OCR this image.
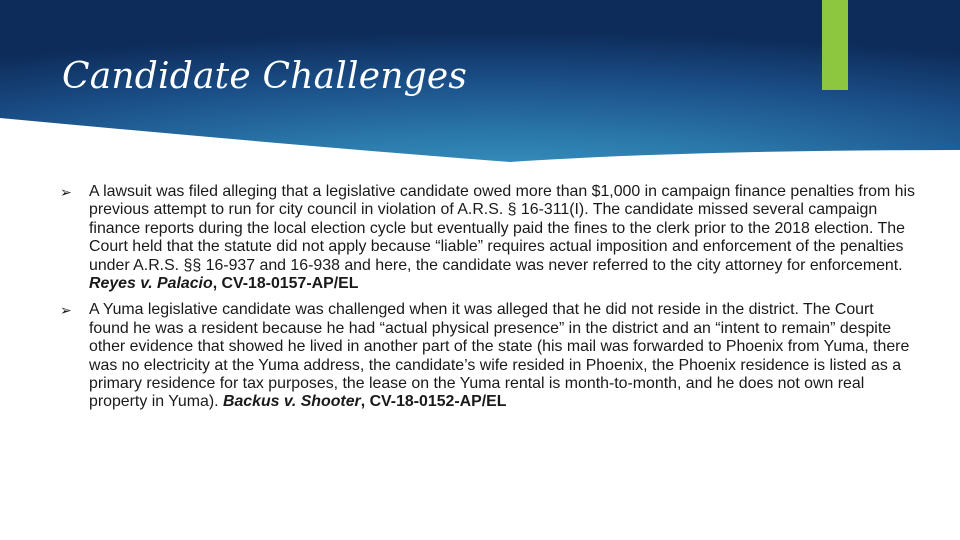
Candidate Challenges
➢ A lawsuit was filed alleging that a legislative candidate owed more than $1,000 in campaign finance penalties from his previous attempt to run for city council in violation of A.R.S. § 16-311(I). The candidate missed several campaign finance reports during the local election cycle but eventually paid the fines to the clerk prior to the 2018 election. The Court held that the statute did not apply because “liable” requires actual imposition and enforcement of the penalties under A.R.S. §§ 16-937 and 16-938 and here, the candidate was never referred to the city attorney for enforcement. Reyes v. Palacio, CV-18-0157-AP/EL
➢ A Yuma legislative candidate was challenged when it was alleged that he did not reside in the district. The Court found he was a resident because he had “actual physical presence” in the district and an “intent to remain” despite other evidence that showed he lived in another part of the state (his mail was forwarded to Phoenix from Yuma, there was no electricity at the Yuma address, the candidate’s wife resided in Phoenix, the Phoenix residence is listed as a primary residence for tax purposes, the lease on the Yuma rental is month-to-month, and he does not own real property in Yuma). Backus v. Shooter, CV-18-0152-AP/EL
